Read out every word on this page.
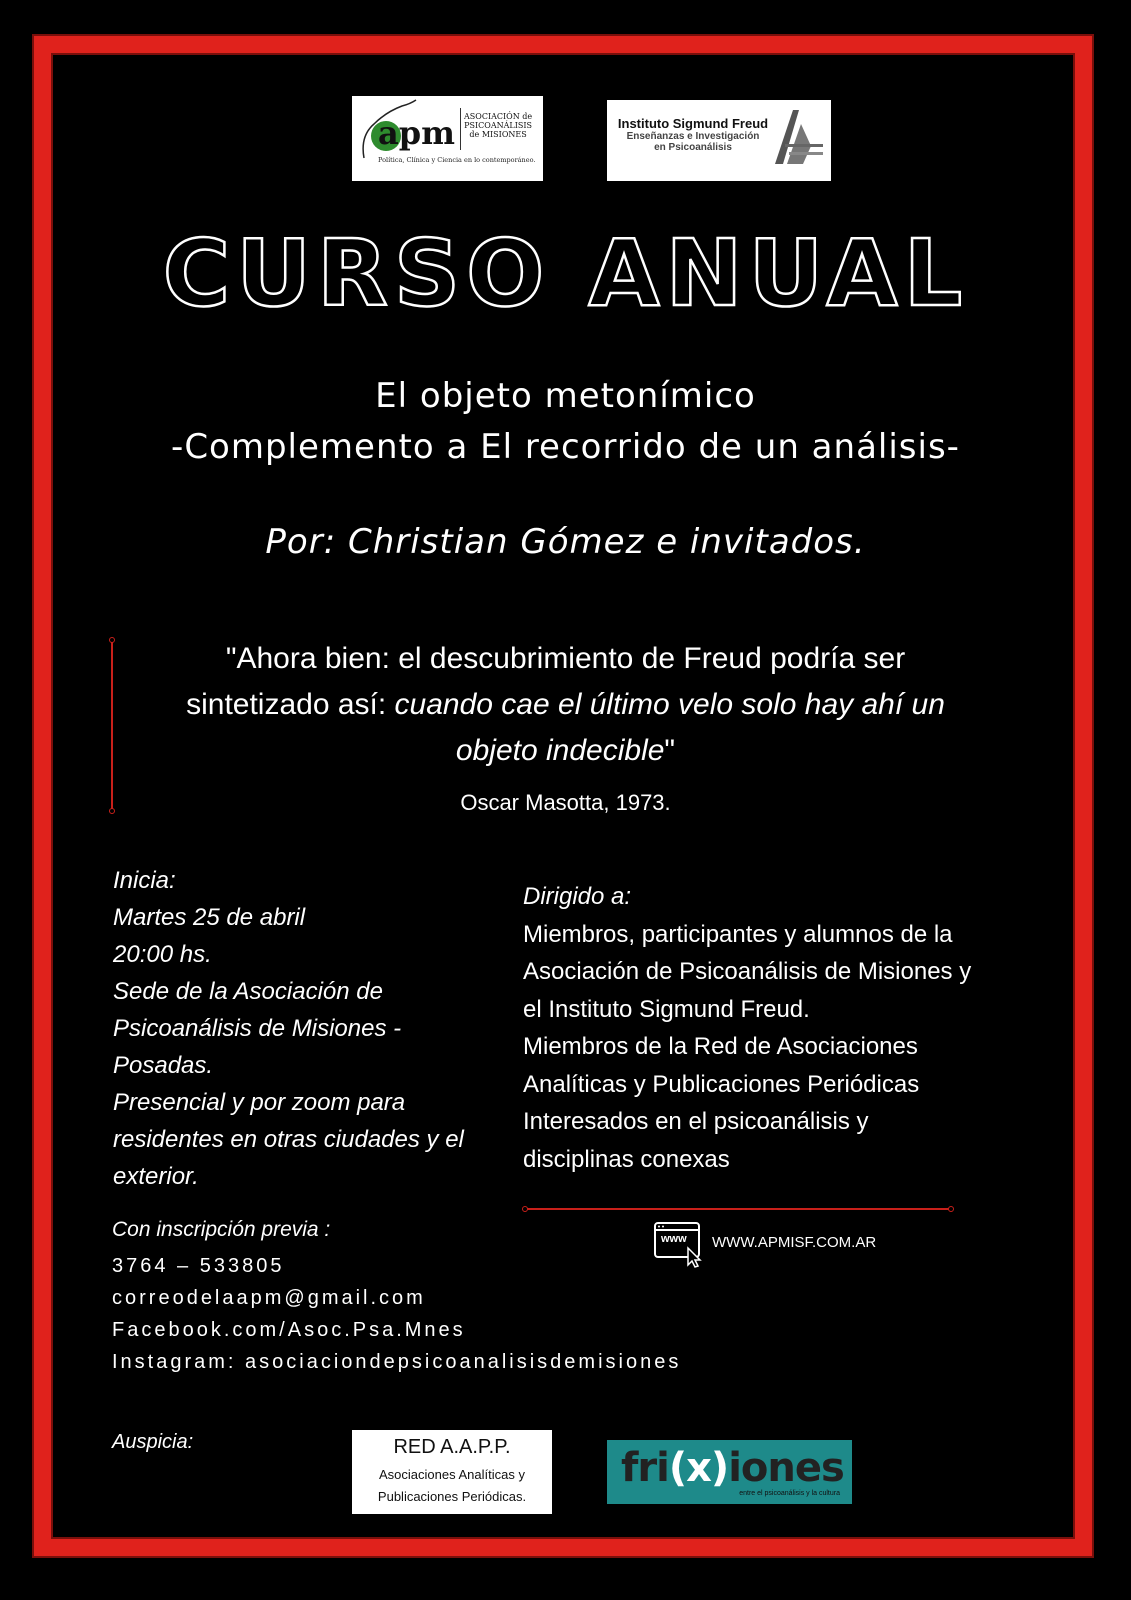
apm ASOCIACIÓN de
PSICOANÁLISIS
de MISIONES
Política, Clínica y Ciencia en lo contemporáneo.
Instituto Sigmund Freud
Enseñanzas e Investigación
en Psicoanálisis
CURSO ANUAL
El objeto metonímico
-Complemento a El recorrido de un análisis-
Por: Christian Gómez e invitados.
"Ahora bien: el descubrimiento de Freud podría ser
sintetizado así: cuando cae el último velo solo hay ahí un
objeto indecible"
Oscar Masotta, 1973.
Inicia:
Martes 25 de abril
20:00 hs.
Sede de la Asociación de
Psicoanálisis de Misiones -
Posadas.
Presencial y por zoom para
residentes en otras ciudades y el
exterior.
Dirigido a:
Miembros, participantes y alumnos de la
Asociación de Psicoanálisis de Misiones y
el Instituto Sigmund Freud.
Miembros de la Red de Asociaciones
Analíticas y Publicaciones Periódicas
Interesados en el psicoanálisis y
disciplinas conexas
www WWW.APMISF.COM.AR
Con inscripción previa :
3764 – 533805
correodelaapm@gmail.com
Facebook.com/Asoc.Psa.Mnes
Instagram: asociaciondepsicoanalisisdemisiones
Auspicia:	RED A.A.P.P.
Asociaciones Analíticas y
Publicaciones Periódicas.
fri(x)iones
entre el psicoanálisis y la cultura
